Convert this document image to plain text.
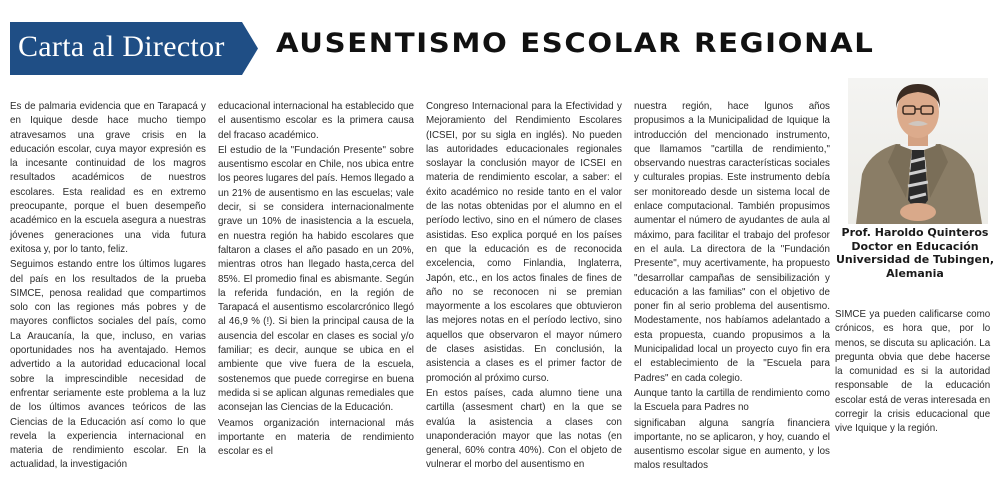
Carta al Director AUSENTISMO ESCOLAR REGIONAL

Es de palmaria evidencia que en Tarapacá y en Iquique desde hace mucho tiempo atravesamos una grave crisis en la educación escolar, cuya mayor expresión es la incesante continuidad de los magros resultados académicos de nuestros escolares. Esta realidad es en extremo preocupante, porque el buen desempeño académico en la escuela asegura a nuestras jóvenes generaciones una vida futura exitosa y, por lo tanto, feliz.

Seguimos estando entre los últimos lugares del país en los resultados de la prueba SIMCE, penosa realidad que compartimos solo con las regiones más pobres y de mayores conflictos sociales del país, como La Araucanía, la que, incluso, en varias oportunidades nos ha aventajado. Hemos advertido a la autoridad educacional local sobre la imprescindible necesidad de enfrentar seriamente este problema a la luz de los últimos avances teóricos de las Ciencias de la Educación así como lo que revela la experiencia internacional en materia de rendimiento escolar. En la actualidad, la investigación

educacional internacional ha establecido que el ausentismo escolar es la primera causa del fracaso académico.

El estudio de la "Fundación Presente" sobre ausentismo escolar en Chile, nos ubica entre los peores lugares del país. Hemos llegado a un 21% de ausentismo en las escuelas; vale decir, si se considera internacionalmente grave un 10% de inasistencia a la escuela, en nuestra región ha habido escolares que faltaron a clases el año pasado en un 20%, mientras otros han llegado hasta,cerca del 85%. El promedio final es abismante. Según la referida fundación, en la región de Tarapacá el ausentismo escolarcrónico llegó al 46,9 % (!). Si bien la principal causa de la ausencia del escolar en clases es social y/o familiar; es decir, aunque se ubica en el ambiente que vive fuera de la escuela, sostenemos que puede corregirse en buena medida si se aplican algunas remediales que aconsejan las Ciencias de la Educación.

Veamos organización internacional más importante en materia de rendimiento escolar es el

Congreso Internacional para la Efectividad y Mejoramiento del Rendimiento Escolares (ICSEI, por su sigla en inglés). No pueden las autoridades educacionales regionales soslayar la conclusión mayor de ICSEI en materia de rendimiento escolar, a saber: el éxito académico no reside tanto en el valor de las notas obtenidas por el alumno en el período lectivo, sino en el número de clases asistidas. Eso explica porqué en los países en que la educación es de reconocida excelencia, como Finlandia, Inglaterra, Japón, etc., en los actos finales de fines de año no se reconocen ni se premian mayormente a los escolares que obtuvieron las mejores notas en el período lectivo, sino aquellos que observaron el mayor número de clases asistidas. En conclusión, la asistencia a clases es el primer factor de promoción al próximo curso.

En estos países, cada alumno tiene una cartilla (assesment chart) en la que se evalúa la asistencia a clases con unaponderación mayor que las notas (en general, 60% contra 40%). Con el objeto de vulnerar el morbo del ausentismo en

nuestra región, hace lgunos años propusimos a la Municipalidad de Iquique la introducción del mencionado instrumento, que llamamos "cartilla de rendimiento," observando nuestras características sociales y culturales propias. Este instrumento debía ser monitoreado desde un sistema local de enlace computacional. También propusimos aumentar el número de ayudantes de aula al máximo, para facilitar el trabajo del profesor en el aula. La directora de la "Fundación Presente", muy acertivamente, ha propuesto "desarrollar campañas de sensibilización y educación a las familias" con el objetivo de poner fin al serio problema del ausentismo. Modestamente, nos habíamos adelantado a esta propuesta, cuando propusimos a la Municipalidad local un proyecto cuyo fin era el establecimiento de la "Escuela para Padres" en cada colegio.

Aunque tanto la cartilla de rendimiento como la Escuela para Padres no

significaban alguna sangría financiera importante, no se aplicaron, y hoy, cuando el ausentismo escolar sigue en aumento, y los malos resultados

Prof. Haroldo Quinteros
Doctor en Educación
Universidad de Tubingen,
Alemania

SIMCE ya pueden calificarse como crónicos, es hora que, por lo menos, se discuta su aplicación. La pregunta obvia que debe hacerse la comunidad es si la autoridad responsable de la educación escolar está de veras interesada en corregir la crisis educacional que vive Iquique y la región.
